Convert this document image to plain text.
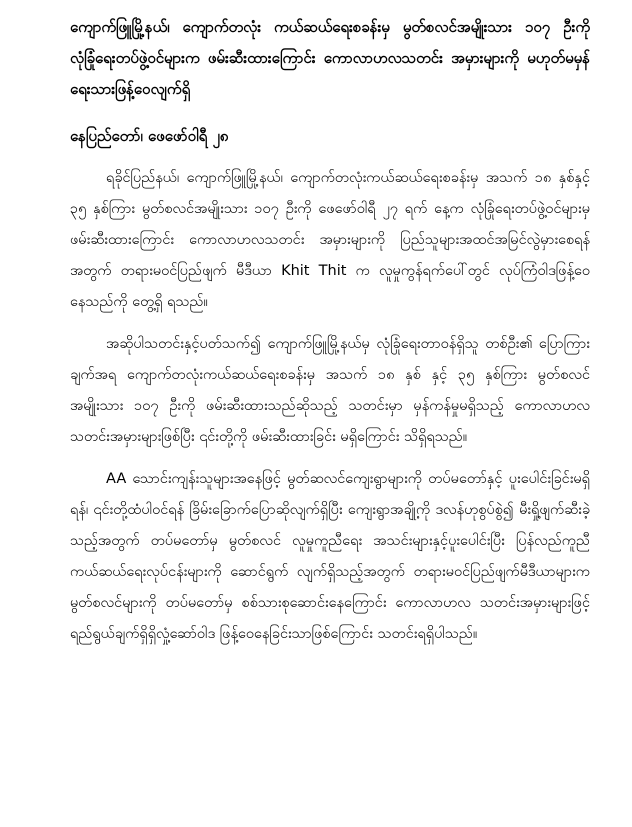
ကျောက်ဖြူမြို့နယ်၊ ကျောက်တလုံး ကယ်ဆယ်ရေးစခန်းမှ မွတ်စလင်အမျိုးသား ၁၀၇ ဦးကို လုံခြုံရေးတပ်ဖွဲ့ဝင်များက ဖမ်းဆီးထားကြောင်း ကောလာဟလသတင်း အမှားများကို မဟုတ်မမှန်ရေးသားဖြန့်ဝေလျက်ရှိ

နေပြည်တော်၊ ဖေဖော်ဝါရီ ၂၈

ရခိုင်ပြည်နယ်၊ ကျောက်ဖြူမြို့နယ်၊ ကျောက်တလုံးကယ်ဆယ်ရေးစခန်းမှ အသက် ၁၈ နှစ်နှင့် ၃၅ နှစ်ကြား မွတ်စလင်အမျိုးသား ၁၀၇ ဦးကို ဖေဖော်ဝါရီ ၂၇ ရက် နေ့က လုံခြုံရေးတပ်ဖွဲ့ဝင်များမှ ဖမ်းဆီးထားကြောင်း ကောလာဟလသတင်း အမှားများကို ပြည်သူများအထင်အမြင်လွဲမှားစေရန်အတွက် တရားမဝင်ပြည်ဖျက် မီဒီယာ Khit Thit က လူမှုကွန်ရက်ပေါ်တွင် လုပ်ကြံဝါဒဖြန့်ဝေနေသည်ကို တွေ့ရှိ ရသည်။

အဆိုပါသတင်းနှင့်ပတ်သက်၍ ကျောက်ဖြူမြို့နယ်မှ လုံခြုံရေးတာဝန်ရှိသူ တစ်ဦး၏ ပြောကြားချက်အရ ကျောက်တလုံးကယ်ဆယ်ရေးစခန်းမှ အသက် ၁၈ နှစ် နှင့် ၃၅ နှစ်ကြား မွတ်စလင်အမျိုးသား ၁၀၇ ဦးကို ဖမ်းဆီးထားသည်ဆိုသည့် သတင်းမှာ မှန်ကန်မှုမရှိသည့် ကောလာဟလသတင်းအမှားများဖြစ်ပြီး ၎င်းတို့ကို ဖမ်းဆီးထားခြင်း မရှိကြောင်း သိရှိရသည်။

AA သောင်းကျန်းသူများအနေဖြင့် မွတ်ဆလင်ကျေးရွာများကို တပ်မတော်နှင့် ပူးပေါင်းခြင်းမရှိရန်၊ ၎င်းတို့ထံပါဝင်ရန် ခြိမ်းခြောက်ပြောဆိုလျက်ရှိပြီး ကျေးရွာအချို့ကို ဒလန်ဟုစွပ်စွဲ၍ မီးရှို့ဖျက်ဆီးခဲ့သည့်အတွက် တပ်မတော်မှ မွတ်စလင် လူမှုကူညီရေး အသင်းများနှင့်ပူးပေါင်းပြီး ပြန်လည်ကူညီကယ်ဆယ်ရေးလုပ်ငန်းများကို ဆောင်ရွက် လျက်ရှိသည့်အတွက် တရားမဝင်ပြည်ဖျက်မီဒီယာများက မွတ်စလင်များကို တပ်မတော်မှ စစ်သားစုဆောင်းနေကြောင်း ကောလာဟလ သတင်းအမှားများဖြင့် ရည်ရွယ်ချက်ရှိရှိလှုံ့ဆော်ဝါဒ ဖြန့်ဝေနေခြင်းသာဖြစ်ကြောင်း သတင်းရရှိပါသည်။
